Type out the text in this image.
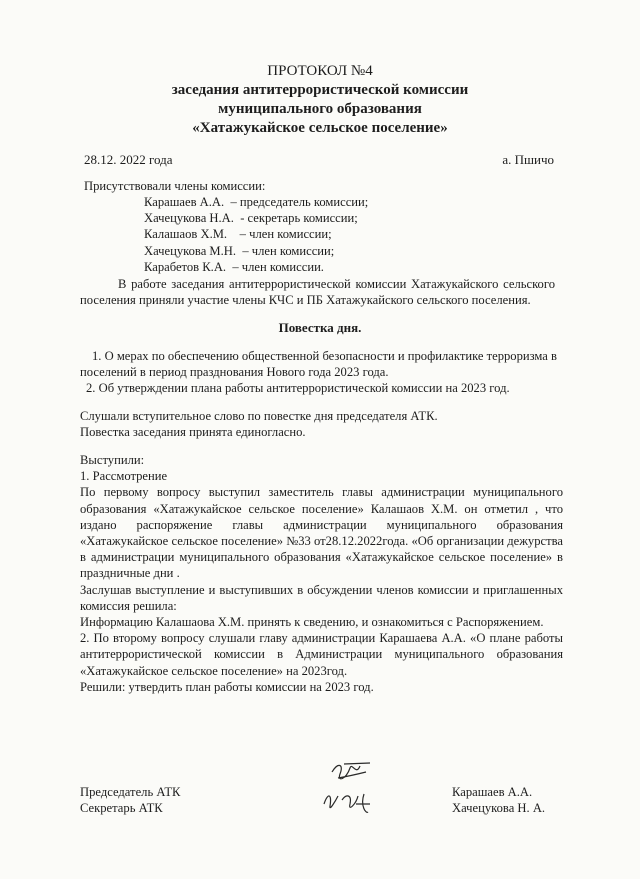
ПРОТОКОЛ №4

заседания антитеррористической комиссии

муниципального образования

«Хатажукайское сельское поселение»

28.12. 2022 года	а. Пшичо
Присутствовали члены комиссии:
Карашаев А.А.  – председатель комиссии;
Хачецукова Н.А.  - секретарь комиссии;
Калашаов Х.М.    – член комиссии;
Хачецукова М.Н.  – член комиссии;
Карабетов К.А.  – член комиссии.
В работе заседания антитеррористической комиссии Хатажукайского сельского поселения приняли участие члены КЧС и ПБ Хатажукайского сельского поселения.
Повестка дня.

1. О мерах по обеспечению общественной безопасности и профилактике терроризма в поселений в период празднования Нового года 2023 года.

2. Об утверждении плана работы антитеррористической комиссии на 2023 год.

Слушали вступительное слово по повестке дня председателя АТК.
Повестка заседания принята единогласно.

Выступили:

1. Рассмотрение

По первому вопросу выступил заместитель главы администрации муниципального образования «Хатажукайское сельское поселение» Калашаов Х.М. он отметил , что издано распоряжение главы администрации муниципального образования «Хатажукайское сельское поселение» №33 от28.12.2022года. «Об организации дежурства в администрации муниципального образования «Хатажукайское сельское поселение» в праздничные дни .

Заслушав выступление и выступивших в обсуждении членов комиссии и приглашенных комиссия решила:

Информацию Калашаова Х.М. принять к сведению, и ознакомиться с Распоряжением.

2. По второму вопросу слушали главу администрации Карашаева А.А. «О плане работы антитеррористической комиссии в Администрации муниципального образования «Хатажукайское сельское поселение» на 2023год.

Решили: утвердить план работы комиссии на 2023 год.

Председатель АТК
Секретарь АТК
Карашаев А.А.
Хачецукова Н. А.
